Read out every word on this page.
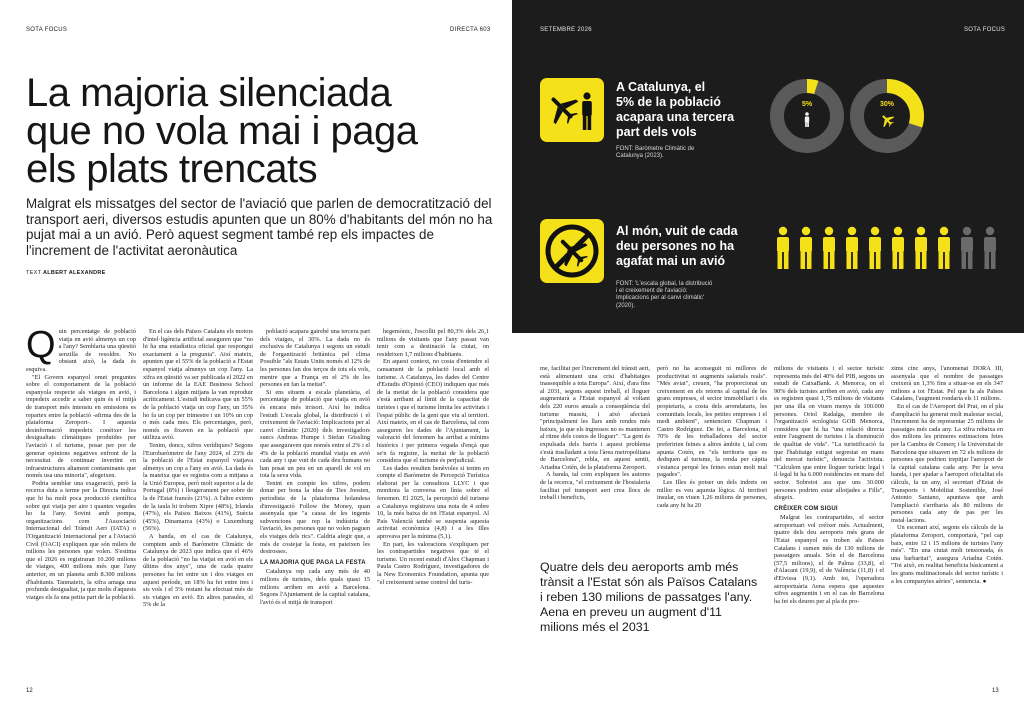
SOTA FOCUS	DIRECTA 603
La majoria silenciada
que no vola mai i paga
els plats trencats
Malgrat els missatges del sector de l'aviació que parlen de democratització del transport aeri, diversos estudis apunten que un 80% d'habitants del món no ha pujat mai a un avió. Però aquest segment també rep els impactes de l'increment de l'activitat aeronàutica
TEXT ALBERT ALEXANDRE
Q uin percentatge de població viatja en avió almenys un cop a l'any? Semblaria una qüestió senzilla de resoldre. No obstant això, la dada és esquiva.

"El Govern espanyol omet preguntes sobre el comportament de la població espanyola respecte als viatges en avió, i impedeix accedir a saber quin és el mitjà de transport més intensiu en emissions es repartex entre la població -afirma des de la plataforma Zeroport-. I aquesta desinformació impedeix conèixer les desigualtats climàtiques produïdes per l'aviació i el turisme, posar per por de generar opinions negatives enfront de la necessitat de continuar invertint en infraestructures altament contaminants que només usa una minoria", afegeixen.

Podria semblar una exageració, però la recerca duta a terme per la Directa indica que hi ha molt poca producció científica sobre qui viatja per aire i quantes vegades ho fa l'any. Sovint amb pompa, organitzacions com l'Associació Internacional del Trànsit Aeri (IATA) o l'Organització Internacional per a l'Aviació Civil (OACI) expliquen que són milers de milions les persones que volen. S'estima que el 2026 es registraran 10.200 milions de viatges, 400 milions més que l'any anterior, en un planeta amb 8.300 milions d'habitants. Tanmateix, la xifra amaga una profunda desigualtat, ja que molts d'aquests viatges els fa una petita part de la població.

En el cas dels Països Catalans els motors d'intel·ligència artificial asseguren que "no hi ha una estadística oficial que respongui exactament a la pregunta". Així mateix, apunten que el 55% de la població a l'Estat espanyol viatja almenys un cop l'any. La xifra en qüestió va ser publicada el 2022 en un informe de la EAE Business School Barcelona i algun mitjans la van reproduir acríticament. L'estudi indicava que un 55% de la població viatja un cop l'any, un 35% ho fa un cop per trimestre i un 10% un cop o més cada mes. Els percentatges, però, només es fixaven en la població que utilitza avió.

Tenim, doncs, xifres verídiques? Segons l'Eurobaròmetre de l'any 2024, el 23% de la població de l'Estat espanyol viatjava almenys un cop a l'any en avió. La dada és la mateixa que es registra com a mitjana a la Unió Europea, però molt superior a la de Portugal (8%) i lleugerament per sobre de la de l'Estat francès (21%). A l'altre extrem de la taula hi trobem Xipre (48%), Irlanda (47%), els Països Baixos (41%), Suècia (45%), Dinamarca (43%) o Luxemburg (56%).

A banda, en el cas de Catalunya, comptem amb el Baròmetre Climàtic de Catalunya de 2023 que indica que el 46% de la població "no ha viatjat en avió en els últims dos anys", una de cada quatre persones ha fet entre un i dos viatges en aquest període, un 18% ha fet entre tres i sis vols i el 5% restant ha efectuat més de sis viatges en avió. En altres paraules, el 5% de la

població acapara gairebé una tercera part dels viatges, el 30%. La dada no és exclusiva de Catalunya i segons un estudi de l'organització britànica pel clima Possible "als Estats Units només el 12% de les persones fan dos terços de tots els vols, mentre que a França en el 2% de les persones en fan la meitat".

Si ens situem a escala planetària, el percentatge de població que viatja en avió és encara més irrisori. Així ho indica l'estudi L'escala global, la distribució i el creixement de l'aviació: Implicacions per al canvi climàtic (2020) dels investigadors suecs Andreas Humpe i Stefan Gössling que asseguraven que només entre el 2% i el 4% de la població mundial viatja en avió cada any i que vuit de cada deu humans no han posat un peu en un aparell de vol en tota la seva vida.

Tenint en compte les xifres, podem donar per bona la idea de Ties Joosten, periodista de la plataforma holandesa d'investigació Follow the Money, quan assenyala que "a causa de les ingents subvencions que rep la indústria de l'aviació, les persones que no volen paguen els viatges dels rics". Caldria afegir que, a més de costejar la festa, en pateixen les destrosses.

LA MAJORIA QUE PAGA LA FESTA

Catalunya rep cada any més de 40 milions de turistes, dels quals quasi 15 milions arriben en avió a Barcelona. Segons l'Ajuntament de la capital catalana, l'avió és el mitjà de transport

hegemònic, l'escollit pel 80,3% dels 26,1 milions de visitants que l'any passat van tenir com a destinació la ciutat, on resideixen 1,7 milions d'habitants.

En aquest context, no costa d'entendre el cansament de la població local amb el turisme. A Catalunya, les dades del Centre d'Estudis d'Opinió (CEO) indiquen que més de la meitat de la població considera que s'està arribant al límit de la capacitat de turistes i que el turisme limita les activitats i l'espai públic de la gent que viu al territori. Així mateix, en el cas de Barcelona, tal com asseguren les dades de l'Ajuntament, la valoració del fenomen ha arribat a mínims històrics i per primera vegada d'ençà que se'n fa registre, la meitat de la població considera que el turisme és perjudicial.

Les dades resulten benèvoles si tenim en compte el Baròmetre de Percepció Turística elaborat per la consultora LLYC i que monitora la conversa en línia sobre el fenomen. El 2025, la percepció del turisme a Catalunya registrava una nota de 4 sobre 10, la més baixa de tot l'Estat espanyol. Al País Valencià també se suspenia aquesta activitat econòmica (4,8) i a les Illes aprovava per la mínima (5,1).

En part, les valoracions s'expliquen per les contrapartides negatives que té el turisme. Un recent estudi d'Alex Chapman i Paula Castro Rodríguez, investigadores de la New Economics Foundation, apunta que "el creixement sense control del turis-

12
SETEMBRE 2026	SOTA FOCUS
A Catalunya, el
5% de la població
acapara una tercera
part dels vols
FONT: Baròmetre Climàtic de
Catalunya (2023).
5%	30%
Al món, vuit de cada
deu persones no ha
agafat mai un avió
FONT: 'L'escala global, la distribució
i el creixement de l'aviació:
Implicacions per al canvi climàtic'
(2020).

me, facilitat per l'increment del trànsit aeri, està alimentant una crisi d'habitatges inassequible a tota Europa". Així, d'ara fins al 2031, segons aquest treball, el lloguer augmentarà a l'Estat espanyol al voltant dels 220 euros anuals a conseqüència del turisme massiu, i això afectarà "principalment les llars amb rendes més baixes, ja que els ingressos no es mantenen al ritme dels costos de lloguer". "La gent és expulsada dels barris i aquest problema s'està traslladant a tota l'àrea metropolitana de Barcelona", rebla, en aquest sentit, Ariadna Cotén, de la plataforma Zeroport.

A banda, tal com expliquen les autores de la recerca, "el creixement de l'hostaleria facilitat pel transport aeri crea llocs de treball i beneficis,

però no ha aconseguit ni millores de productivitat ni augments salarials reals". "Més aviat", creuen, "ha proporcionat un creixement en els retorns al capital de les grans empreses, el sector immobiliari i els propietaris, a costa dels arrendataris, les comunitats locals, les petites empreses i el medi ambient", sentencien Chapman i Castro Rodríguez. De fet, a Barcelona, el 70% de les treballadores del sector preferirien feines a altres àmbits i, tal com apunta Cotén, en "els territoris que es dediquen al turisme, la renda per càpita s'estanca perquè les feines estan molt mal pagades".

Les Illes és potser un dels indrets on millor es veu aquesta lògica. Al territori insular, on viuen 1,26 milions de persones, cada any hi ha 20

Quatre dels deu aeroports amb més trànsit a l'Estat són als Països Catalans i reben 130 milions de passatges l'any. Aena en preveu un augment d'11 milions més el 2031

milions de visitants i el sector turístic representa més del 40% del PIB, segons un estudi de CaixaBank. A Menorca, on el 90% dels turistes arriben en avió, cada any es registren quasi 1,75 milions de visitants per una illa on viuen menys de 100.000 persones. Oriol Radalga, membre de l'organització ecologista GOB Menorca, considera que hi ha "una relació directa entre l'augment de turistes i la disminució de qualitat de vida". "La turistificació fa que l'habitatge estigui segrestat en mans del mercat turístic", denuncia l'activista. "Calculem que entre lloguer turístic legal i il·legal hi ha 6.000 residències en mans del sector. Sobretot ara que uns 30.000 persones podrien estar allotjades a Fills", afegeix.

CRÈIXER COM SIGUI

Malgrat les contrapartides, el sector aeroportuari vol créixer més. Actualment, quatre dels deu aeroports més grans de l'Estat espanyol es troben als Països Catalans i sumen més de 130 milions de passatgers anuals. Són el de Barcelona (57,5 milions), el de Palma (33,8), el d'Alacant (19,9), el de València (11,8) i el d'Eivissa (9,1). Amb tot, l'operadora aeroportuària Aena espera que aquestes xifres augmentin i en el cas de Barcelona ha fet els deures per al pla de pro-

xims cinc anys, l'anomenat DORA III, assenyala que el nombre de passatges creixerà un 1,3% fins a situar-se en els 347 milions a tot l'Estat. Pel que fa als Països Catalans, l'augment rondaria els 11 milions.

En el cas de l'Aeroport del Prat, on el pla d'ampliació ha generat molt malestar social, l'increment ha de representar 25 milions de passatges més cada any. La xifra rebaixa en dos milions les primeres estimacions fetes per la Cambra de Comerç i la Universitat de Barcelona que situaven en 72 els milions de persones que podrien trepitjar l'aeroport de la capital catalana cada any. Per la seva banda, i per ajudar a l'aeroport oficialitat els càlculs, fa un any, el secretari d'Estat de Transports i Mobilitat Sostenible, José Antonio Santano, apuntava que amb l'ampliació s'arribaria als 80 milions de persones cada any de pas per les instal·lacions.

Un escenari així, segons els càlculs de la plataforma Zeroport, comportarà, "pel cap baix, entre 12 i 15 milions de turistes l'any més". "En una ciutat molt tensionada, és una barbaritat", assegura Ariadna Cotén. "Tot això, en realitat beneficia bàsicament a les grans multinacionals del sector turístic i a les companyies aèries", sentencia. ●

13
